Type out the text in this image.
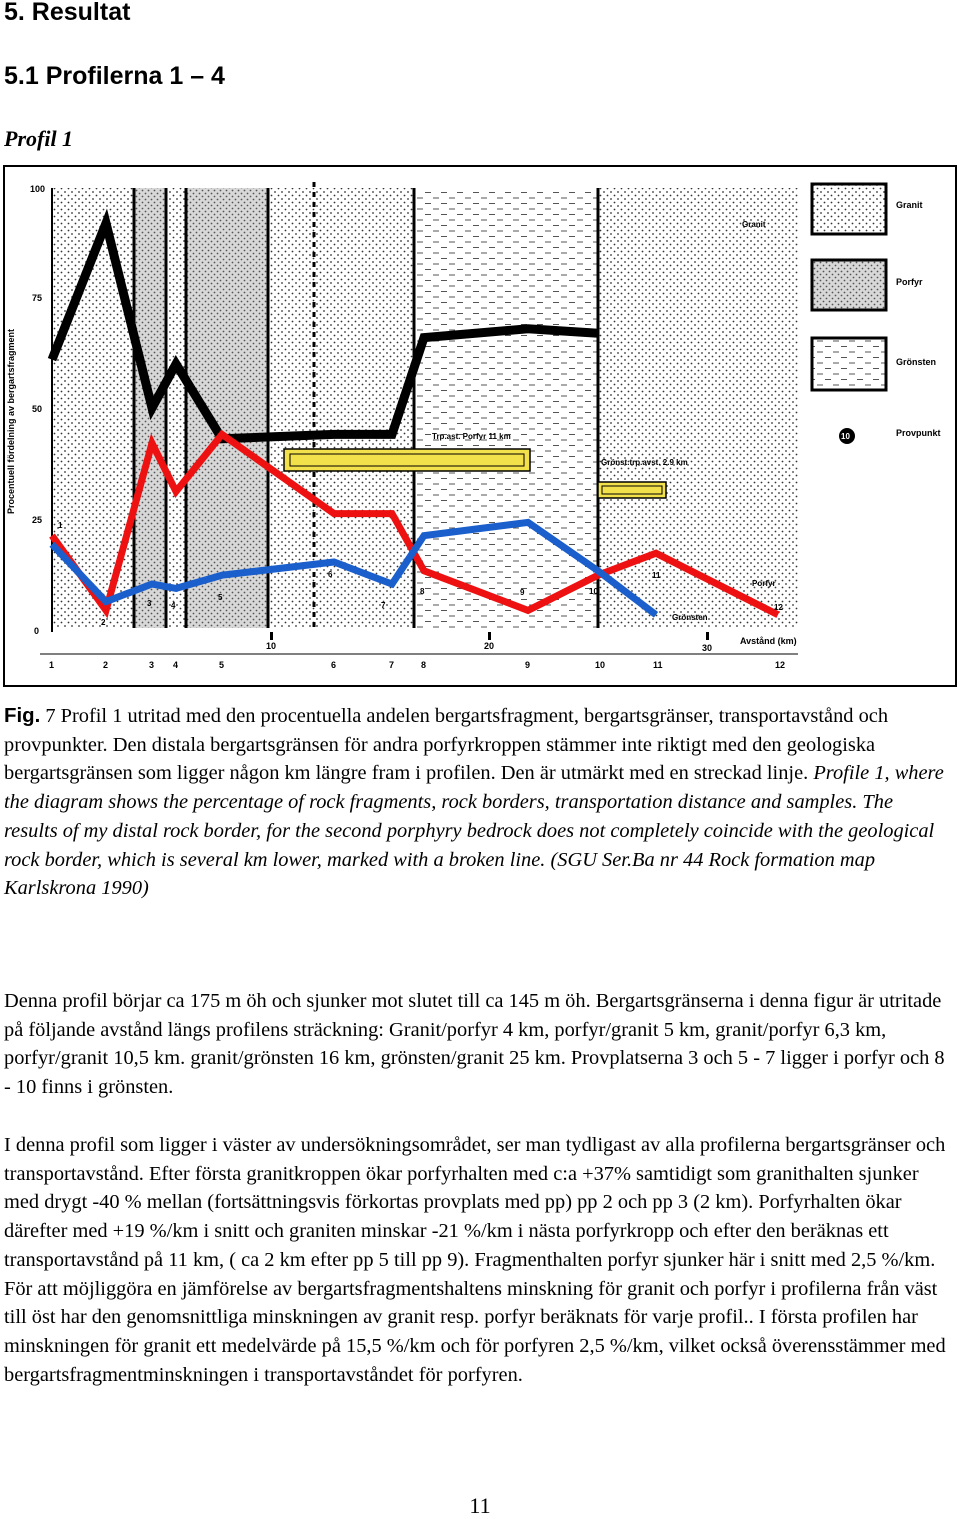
5. Resultat
5.1 Profilerna 1 – 4
Profil 1
100
75
50
25
0
Procentuell fördelning av bergartsfragment
10	20	30
Avstånd (km)
1	2	3 4	5	6	7	8	9	10	11	12
Trp.ast. Porfyr 11 km
Grönst.trp.avst. 2.9 km
1
2
3 4
5
6
7
8	9	10
11
12
Granit
Porfyr
Grönsten
Granit
Porfyr
Grönsten
10	Provpunkt

Fig. 7 Profil 1 utritad med den procentuella andelen bergartsfragment, bergartsgränser, transportavstånd och provpunkter. Den distala bergartsgränsen för andra porfyrkroppen stämmer inte riktigt med den geologiska bergartsgränsen som ligger någon km längre fram i profilen. Den är utmärkt med en streckad linje. Profile 1, where the diagram shows the percentage of rock fragments, rock borders, transportation distance and samples. The results of my distal rock border, for the second porphyry bedrock does not completely coincide with the geological rock border, which is several km lower, marked with a broken line. (SGU Ser.Ba nr 44 Rock formation map Karlskrona 1990)

Denna profil börjar ca 175 m öh och sjunker mot slutet till ca 145 m öh. Bergartsgränserna i denna figur är utritade på följande avstånd längs profilens sträckning: Granit/porfyr 4 km, porfyr/granit 5 km, granit/porfyr 6,3 km, porfyr/granit 10,5 km. granit/grönsten 16 km, grönsten/granit 25 km. Provplatserna 3 och 5 - 7 ligger i porfyr och 8 - 10 finns i grönsten.

I denna profil som ligger i väster av undersökningsområdet, ser man tydligast av alla profilerna bergartsgränser och transportavstånd. Efter första granitkroppen ökar porfyrhalten med c:a +37% samtidigt som granithalten sjunker med drygt -40 % mellan (fortsättningsvis förkortas provplats med pp) pp 2 och pp 3 (2 km). Porfyrhalten ökar därefter med +19 %/km i snitt och graniten minskar -21 %/km i nästa porfyrkropp och efter den beräknas ett transportavstånd på 11 km, ( ca 2 km efter pp 5 till pp 9). Fragmenthalten porfyr sjunker här i snitt med 2,5 %/km. För att möjliggöra en jämförelse av bergartsfragmentshaltens minskning för granit och porfyr i profilerna från väst till öst har den genomsnittliga minskningen av granit resp. porfyr beräknats för varje profil.. I första profilen har minskningen för granit ett medelvärde på 15,5 %/km och för porfyren 2,5 %/km, vilket också överensstämmer med bergartsfragmentminskningen i transportavståndet för porfyren.

11
